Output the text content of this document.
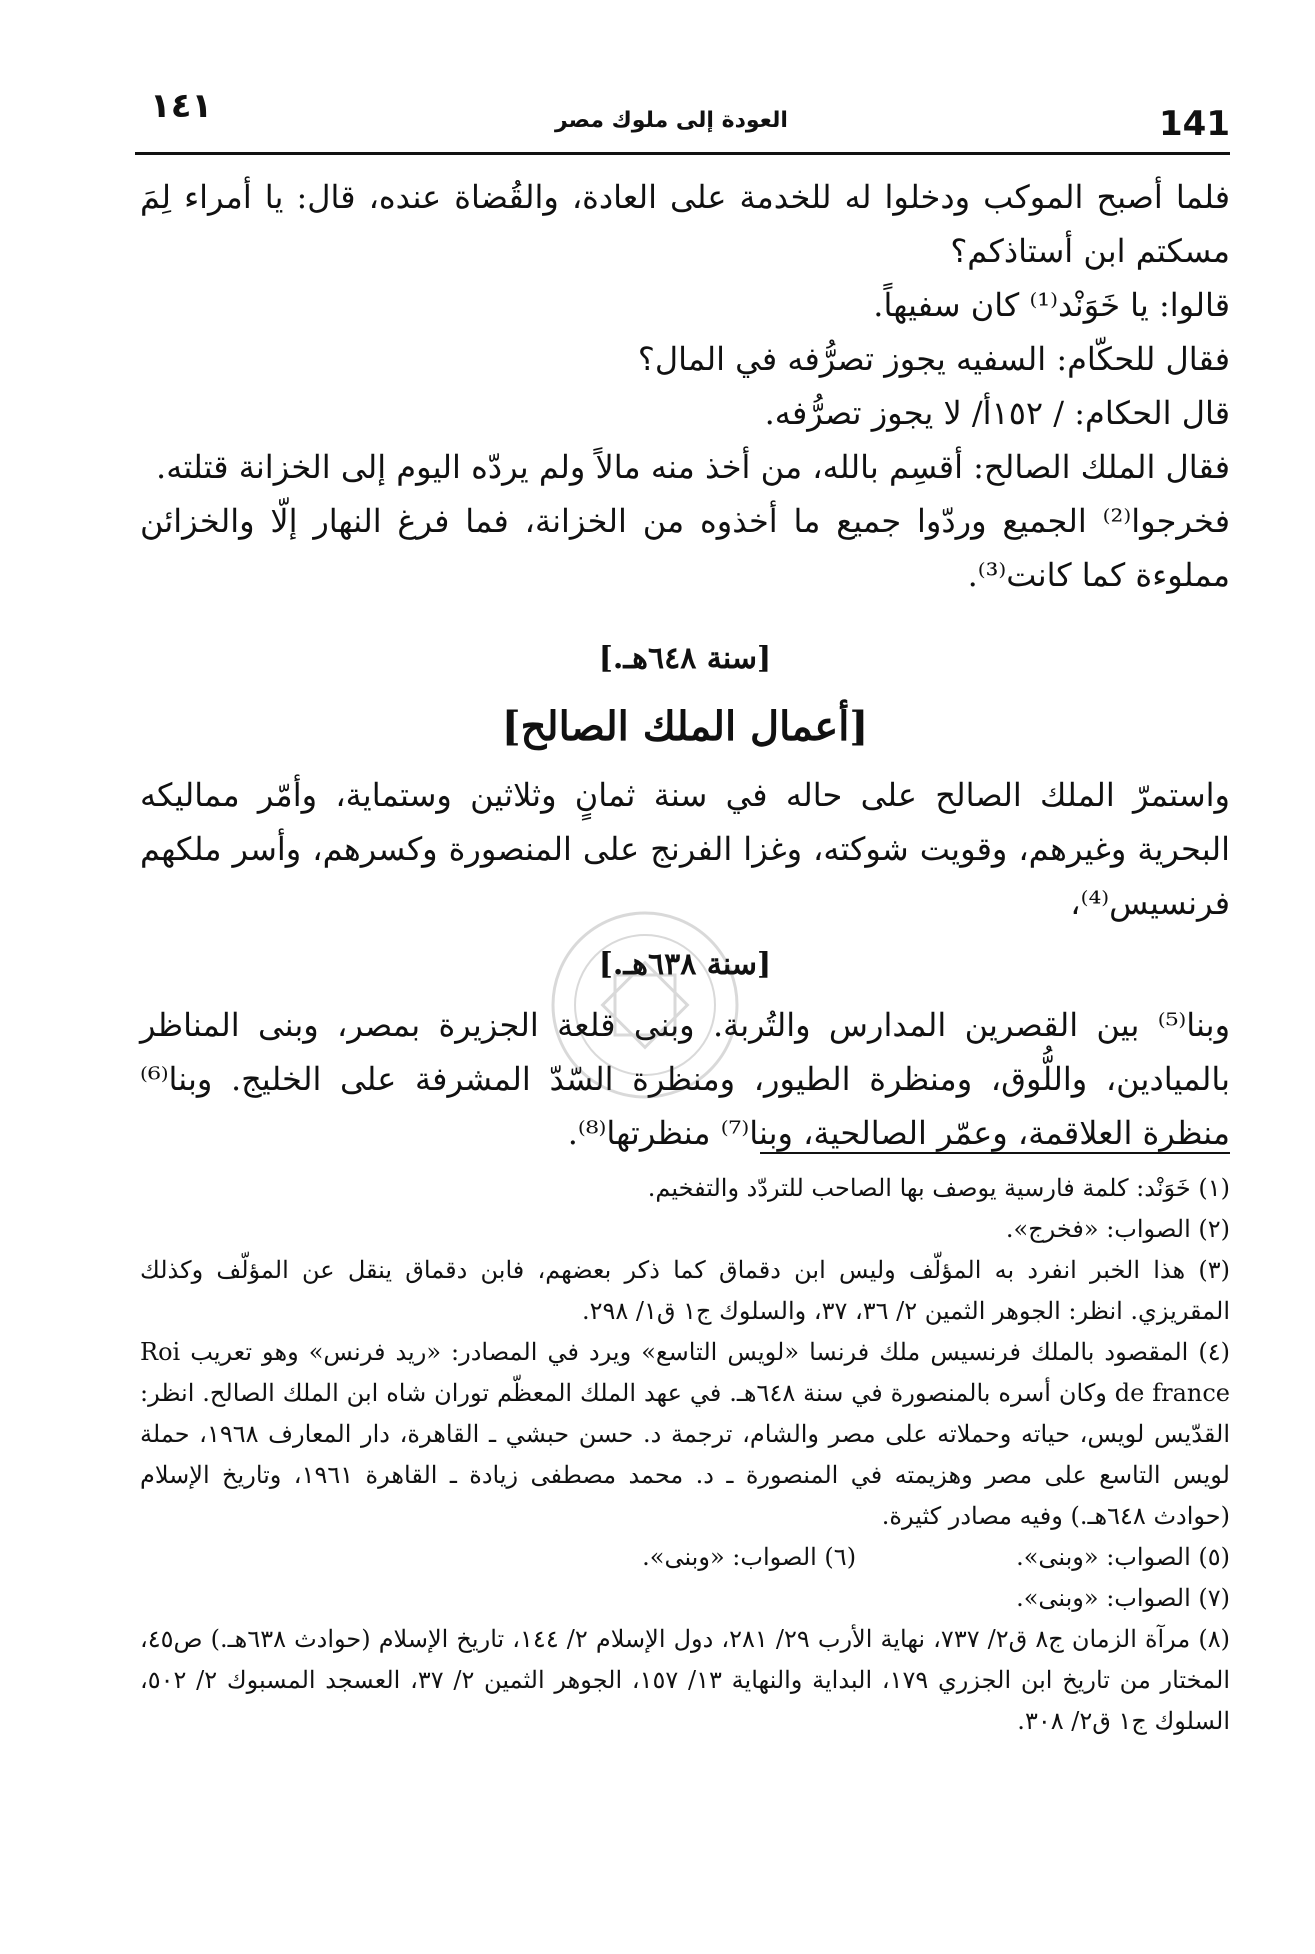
١٤١	العودة إلى ملوك مصر	141

فلما أصبح الموكب ودخلوا له للخدمة على العادة، والقُضاة عنده، قال: يا أمراء لِمَ مسكتم ابن أستاذكم؟

قالوا: يا خَوَنْد⁽¹⁾ كان سفيهاً.

فقال للحكّام: السفيه يجوز تصرُّفه في المال؟

قال الحكام: / ١٥٢أ/ لا يجوز تصرُّفه.

فقال الملك الصالح: أقسِم بالله، من أخذ منه مالاً ولم يردّه اليوم إلى الخزانة قتلته.

فخرجوا⁽²⁾ الجميع وردّوا جميع ما أخذوه من الخزانة، فما فرغ النهار إلّا والخزائن مملوءة كما كانت⁽³⁾.

[سنة ٦٤٨هـ.]

[أعمال الملك الصالح]

واستمرّ الملك الصالح على حاله في سنة ثمانٍ وثلاثين وستماية، وأمّر مماليكه البحرية وغيرهم، وقويت شوكته، وغزا الفرنج على المنصورة وكسرهم، وأسر ملكهم فرنسيس⁽⁴⁾،

[سنة ٦٣٨هـ.]

وبنا⁽⁵⁾ بين القصرين المدارس والتُربة. وبنى قلعة الجزيرة بمصر، وبنى المناظر بالميادين، واللُّوق، ومنظرة الطيور، ومنظرة السّدّ المشرفة على الخليج. وبنا⁽⁶⁾ منظرة العلاقمة، وعمّر الصالحية، وبنا⁽⁷⁾ منظرتها⁽⁸⁾.

(١) خَوَنْد: كلمة فارسية يوصف بها الصاحب للتردّد والتفخيم.

(٢) الصواب: «فخرج».

(٣) هذا الخبر انفرد به المؤلّف وليس ابن دقماق كما ذكر بعضهم، فابن دقماق ينقل عن المؤلّف وكذلك المقريزي. انظر: الجوهر الثمين ٢/ ٣٦، ٣٧، والسلوك ج١ ق١/ ٢٩٨.

(٤) المقصود بالملك فرنسيس ملك فرنسا «لويس التاسع» ويرد في المصادر: «ريد فرنس» وهو تعريب Roi de france وكان أسره بالمنصورة في سنة ٦٤٨هـ. في عهد الملك المعظّم توران شاه ابن الملك الصالح. انظر: القدّيس لويس، حياته وحملاته على مصر والشام، ترجمة د. حسن حبشي ـ القاهرة، دار المعارف ١٩٦٨، حملة لويس التاسع على مصر وهزيمته في المنصورة ـ د. محمد مصطفى زيادة ـ القاهرة ١٩٦١، وتاريخ الإسلام (حوادث ٦٤٨هـ.) وفيه مصادر كثيرة.

(٥) الصواب: «وبنى».

(٦) الصواب: «وبنى».

(٧) الصواب: «وبنى».

(٨) مرآة الزمان ج٨ ق٢/ ٧٣٧، نهاية الأرب ٢٩/ ٢٨١، دول الإسلام ٢/ ١٤٤، تاريخ الإسلام (حوادث ٦٣٨هـ.) ص٤٥، المختار من تاريخ ابن الجزري ١٧٩، البداية والنهاية ١٣/ ١٥٧، الجوهر الثمين ٢/ ٣٧، العسجد المسبوك ٢/ ٥٠٢، السلوك ج١ ق٢/ ٣٠٨.
